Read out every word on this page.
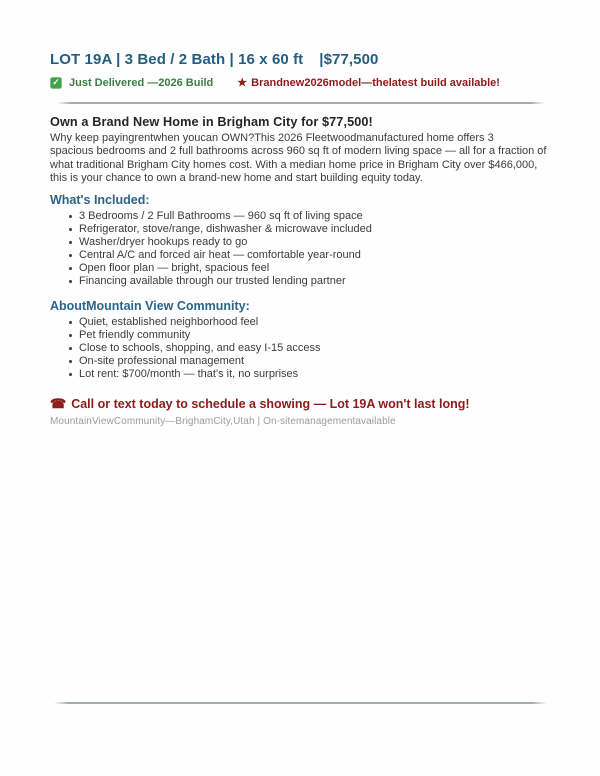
LOT 19A | 3 Bed / 2 Bath | 16 x 60 ft |$77,500
✓ Just Delivered —2026 Build ★ Brandnew2026model—thelatest build available!
Own a Brand New Home in Brigham City for $77,500!
Why keep payingrentwhen youcan OWN?This 2026 Fleetwoodmanufactured home offers 3
spacious bedrooms and 2 full bathrooms across 960 sq ft of modern living space — all for a fraction of
what traditional Brigham City homes cost. With a median home price in Brigham City over $466,000,
this is your chance to own a brand-new home and start building equity today.
What's Included:
3 Bedrooms / 2 Full Bathrooms — 960 sq ft of living space
Refrigerator, stove/range, dishwasher & microwave included
Washer/dryer hookups ready to go
Central A/C and forced air heat — comfortable year-round
Open floor plan — bright, spacious feel
Financing available through our trusted lending partner
AboutMountain View Community:
Quiet, established neighborhood feel
Pet friendly community
Close to schools, shopping, and easy I-15 access
On-site professional management
Lot rent: $700/month — that's it, no surprises
☎ Call or text today to schedule a showing — Lot 19A won't last long!
MountainViewCommunity—BrighamCity,Utah | On-sitemanagementavailable
